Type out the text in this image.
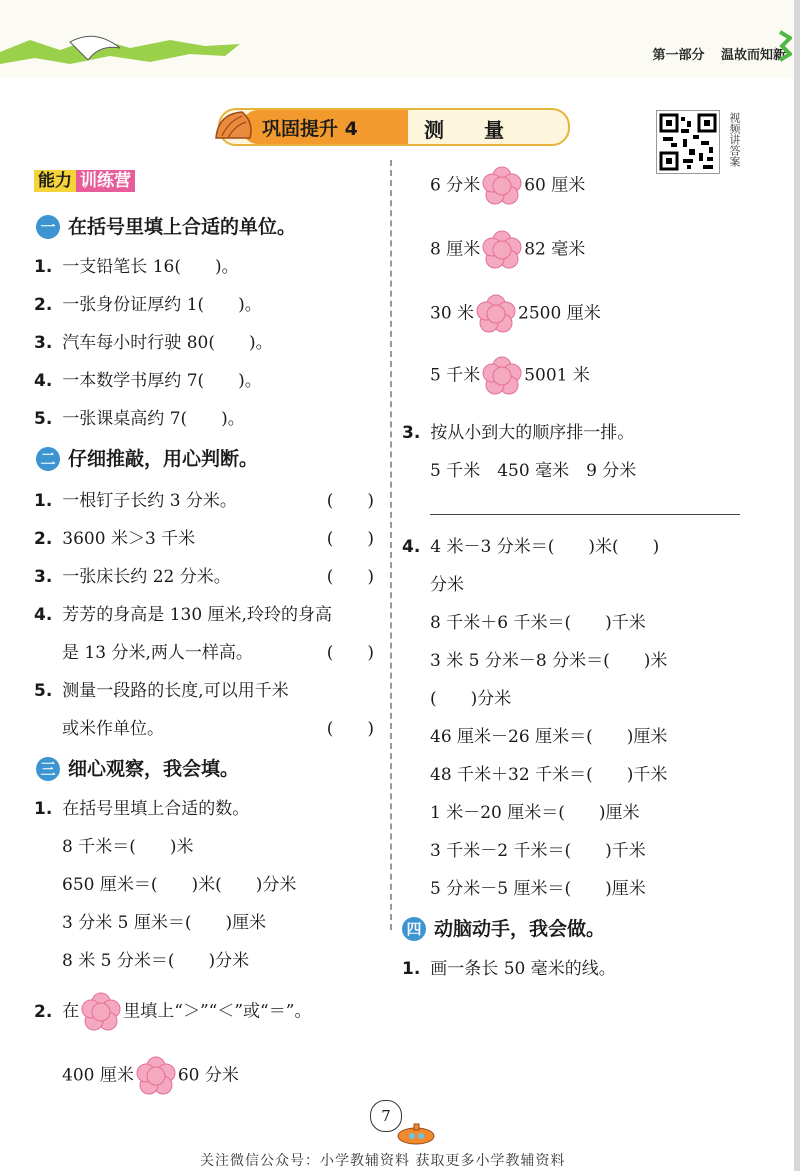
第一部分 温故而知新
巩固提升 4	测量	视频讲答案
能力 训练营
一 在括号里填上合适的单位。
1. 一支铅笔长 16(　　)。
2. 一张身份证厚约 1(　　)。
3. 汽车每小时行驶 80(　　)。
4. 一本数学书厚约 7(　　)。
5. 一张课桌高约 7(　　)。
二 仔细推敲，用心判断。
1. 一根钉子长约 3 分米。	(　　)
2. 3600 米＞3 千米	(　　)
3. 一张床长约 22 分米。	(　　)
4. 芳芳的身高是 130 厘米,玲玲的身高
是 13 分米,两人一样高。	(　　)
5. 测量一段路的长度,可以用千米
或米作单位。	(　　)
三 细心观察，我会填。
1. 在括号里填上合适的数。
8 千米＝(　　)米
650 厘米＝(　　)米(　　)分米
3 分米 5 厘米＝(　　)厘米
8 米 5 分米＝(　　)分米
2. 在	里填上“＞”“＜”或“＝”。
400 厘米	60 分米
6 分米	60 厘米
8 厘米	82 毫米
30 米	2500 厘米
5 千米	5001 米
3. 按从小到大的顺序排一排。
5 千米　450 毫米　9 分米
4. 4 米－3 分米＝(　　)米(　　)
分米
8 千米＋6 千米＝(　　)千米
3 米 5 分米－8 分米＝(　　)米
(　　)分米
46 厘米－26 厘米＝(　　)厘米
48 千米＋32 千米＝(　　)千米
1 米－20 厘米＝(　　)厘米
3 千米－2 千米＝(　　)千米
5 分米－5 厘米＝(　　)厘米
四 动脑动手，我会做。
1. 画一条长 50 毫米的线。
7
关注微信公众号：小学教辅资料 获取更多小学教辅资料
